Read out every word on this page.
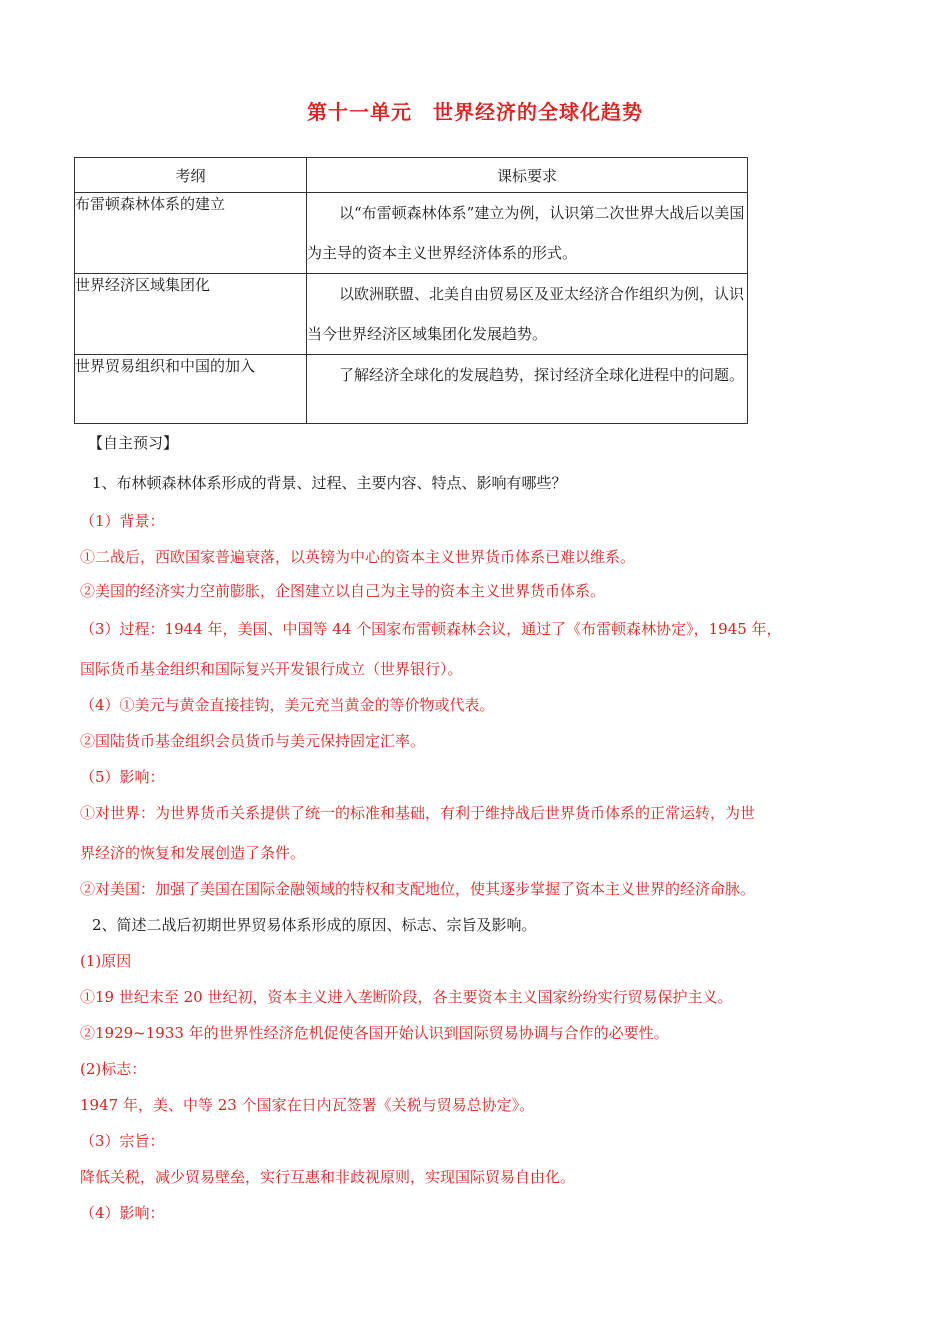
第十一单元　世界经济的全球化趋势
考纲	课标要求
布雷顿森林体系的建立	以“布雷顿森林体系”建立为例，认识第二次世界大战后以美国为主导的资本主义世界经济体系的形式。
世界经济区域集团化	以欧洲联盟、北美自由贸易区及亚太经济合作组织为例，认识当今世界经济区域集团化发展趋势。
世界贸易组织和中国的加入	了解经济全球化的发展趋势，探讨经济全球化进程中的问题。
【自主预习】
1、布林顿森林体系形成的背景、过程、主要内容、特点、影响有哪些？
（1）背景：
①二战后，西欧国家普遍衰落，以英镑为中心的资本主义世界货币体系已难以维系。
②美国的经济实力空前膨胀，企图建立以自己为主导的资本主义世界货币体系。
（3）过程：1944 年，美国、中国等 44 个国家布雷顿森林会议，通过了《布雷顿森林协定》，1945 年，
国际货币基金组织和国际复兴开发银行成立（世界银行）。
（4）①美元与黄金直接挂钩，美元充当黄金的等价物或代表。
②国陆货币基金组织会员货币与美元保持固定汇率。
（5）影响：
①对世界：为世界货币关系提供了统一的标准和基础，有利于维持战后世界货币体系的正常运转，为世
界经济的恢复和发展创造了条件。
②对美国：加强了美国在国际金融领域的特权和支配地位，使其逐步掌握了资本主义世界的经济命脉。
2、简述二战后初期世界贸易体系形成的原因、标志、宗旨及影响。
(1)原因
①19 世纪末至 20 世纪初，资本主义进入垄断阶段，各主要资本主义国家纷纷实行贸易保护主义。
②1929~1933 年的世界性经济危机促使各国开始认识到国际贸易协调与合作的必要性。
(2)标志：
1947 年，美、中等 23 个国家在日内瓦签署《关税与贸易总协定》。
（3）宗旨：
降低关税，减少贸易壁垒，实行互惠和非歧视原则，实现国际贸易自由化。
（4）影响：
